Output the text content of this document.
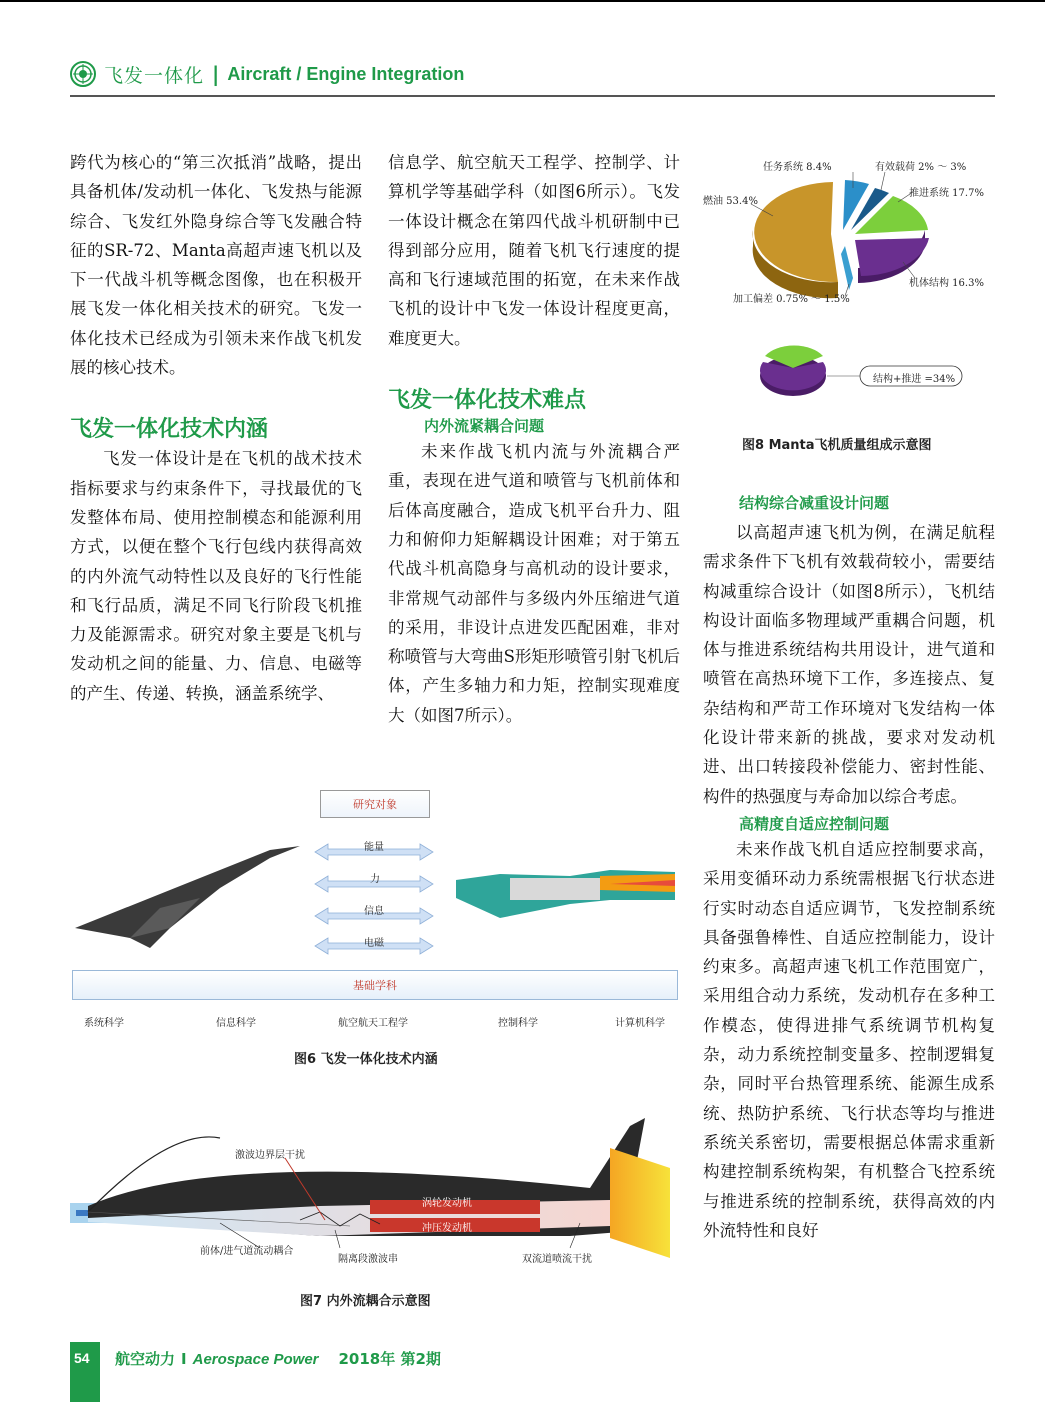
飞发一体化 | Aircraft / Engine Integration

跨代为核心的“第三次抵消”战略，提出具备机体/发动机一体化、飞发热与能源综合、飞发红外隐身综合等飞发融合特征的SR-72、Manta高超声速飞机以及下一代战斗机等概念图像，也在积极开展飞发一体化相关技术的研究。飞发一体化技术已经成为引领未来作战飞机发展的核心技术。

飞发一体化技术内涵

飞发一体设计是在飞机的战术技术指标要求与约束条件下，寻找最优的飞发整体布局、使用控制模态和能源利用方式，以便在整个飞行包线内获得高效的内外流气动特性以及良好的飞行性能和飞行品质，满足不同飞行阶段飞机推力及能源需求。研究对象主要是飞机与发动机之间的能量、力、信息、电磁等的产生、传递、转换，涵盖系统学、

信息学、航空航天工程学、控制学、计算机学等基础学科（如图6所示）。飞发一体设计概念在第四代战斗机研制中已得到部分应用，随着飞机飞行速度的提高和飞行速域范围的拓宽，在未来作战飞机的设计中飞发一体设计程度更高，难度更大。

飞发一体化技术难点
内外流紧耦合问题

未来作战飞机内流与外流耦合严重，表现在进气道和喷管与飞机前体和后体高度融合，造成飞机平台升力、阻力和俯仰力矩解耦设计困难；对于第五代战斗机高隐身与高机动的设计要求，非常规气动部件与多级内外压缩进气道的采用，非设计点进发匹配困难，非对称喷管与大弯曲S形矩形喷管引射飞机后体，产生多轴力和力矩，控制实现难度大（如图7所示）。

任务系统 8.4%	有效载荷 2% ～ 3%
燃油 53.4%
推进系统 17.7%
机体结构 16.3%
加工偏差 0.75% ～ 1.5%
结构+推进 =34%
图8 Manta飞机质量组成示意图
结构综合减重设计问题

以高超声速飞机为例，在满足航程需求条件下飞机有效载荷较小，需要结构减重综合设计（如图8所示），飞机结构设计面临多物理域严重耦合问题，机体与推进系统结构共用设计，进气道和喷管在高热环境下工作，多连接点、复杂结构和严苛工作环境对飞发结构一体化设计带来新的挑战，要求对发动机进、出口转接段补偿能力、密封性能、构件的热强度与寿命加以综合考虑。

高精度自适应控制问题

未来作战飞机自适应控制要求高，采用变循环动力系统需根据飞行状态进行实时动态自适应调节，飞发控制系统具备强鲁棒性、自适应控制能力，设计约束多。高超声速飞机工作范围宽广，采用组合动力系统，发动机存在多种工作模态，使得进排气系统调节机构复杂，动力系统控制变量多、控制逻辑复杂，同时平台热管理系统、能源生成系统、热防护系统、飞行状态等均与推进系统关系密切，需要根据总体需求重新构建控制系统构架，有机整合飞控系统与推进系统的控制系统，获得高效的内外流特性和良好

研究对象
能量
力
信息
电磁
基础学科
系统科学	信息科学	航空航天工程学	控制科学	计算机科学
图6 飞发一体化技术内涵
激波边界层干扰
涡轮发动机
冲压发动机
前体/进气道流动耦合
隔离段激波串	双流道喷流干扰
图7 内外流耦合示意图
54 航空动力 I Aerospace Power 2018年 第2期
